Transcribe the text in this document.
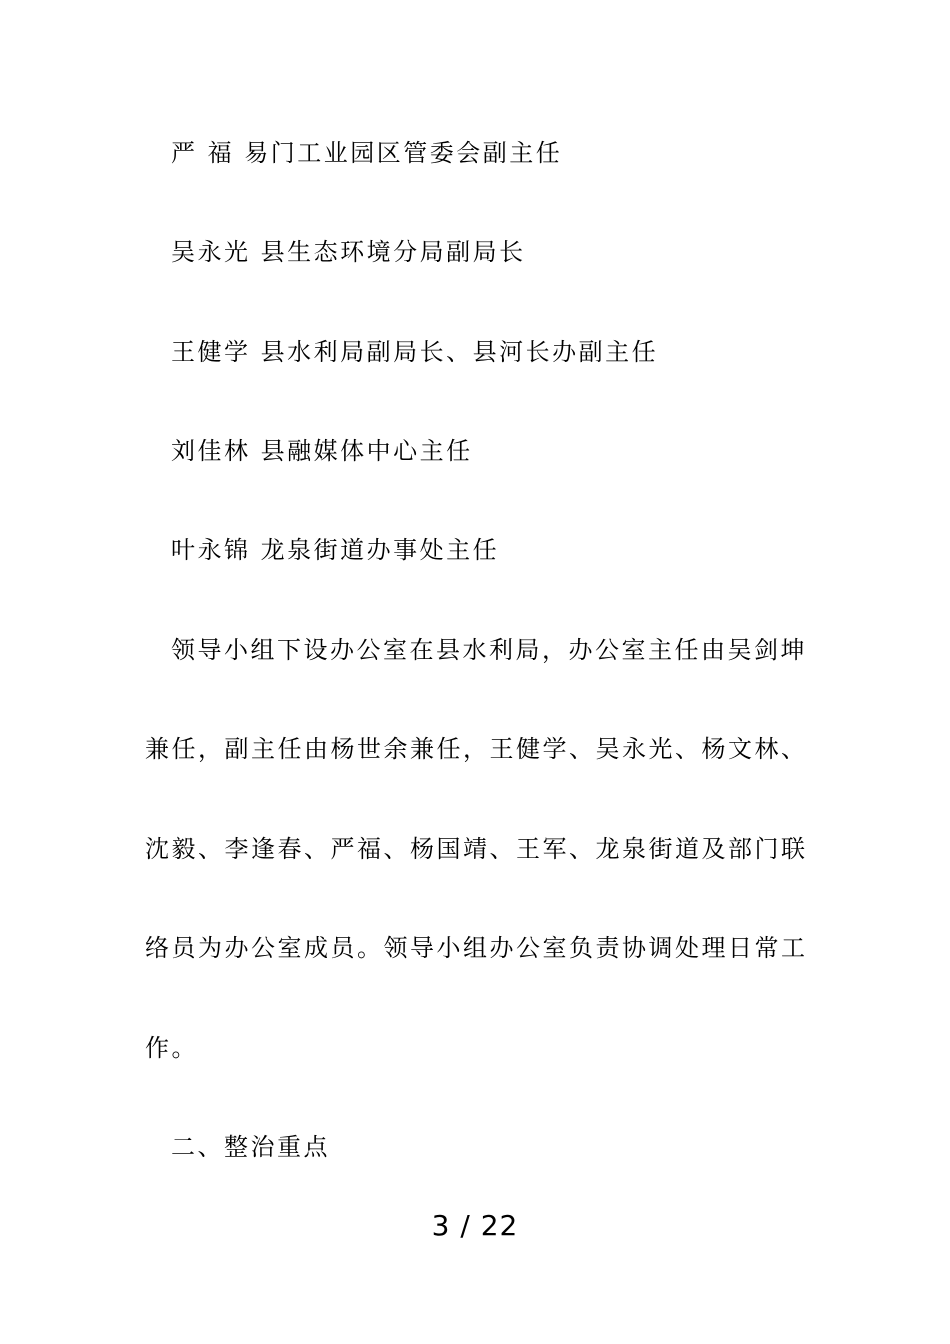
严 福 易门工业园区管委会副主任
吴永光 县生态环境分局副局长
王健学 县水利局副局长、县河长办副主任
刘佳林 县融媒体中心主任
叶永锦 龙泉街道办事处主任
领导小组下设办公室在县水利局，办公室主任由吴剑坤
兼任，副主任由杨世余兼任，王健学、吴永光、杨文林、
沈毅、李逢春、严福、杨国靖、王军、龙泉街道及部门联
络员为办公室成员。领导小组办公室负责协调处理日常工
作。
二、整治重点
3 / 22
